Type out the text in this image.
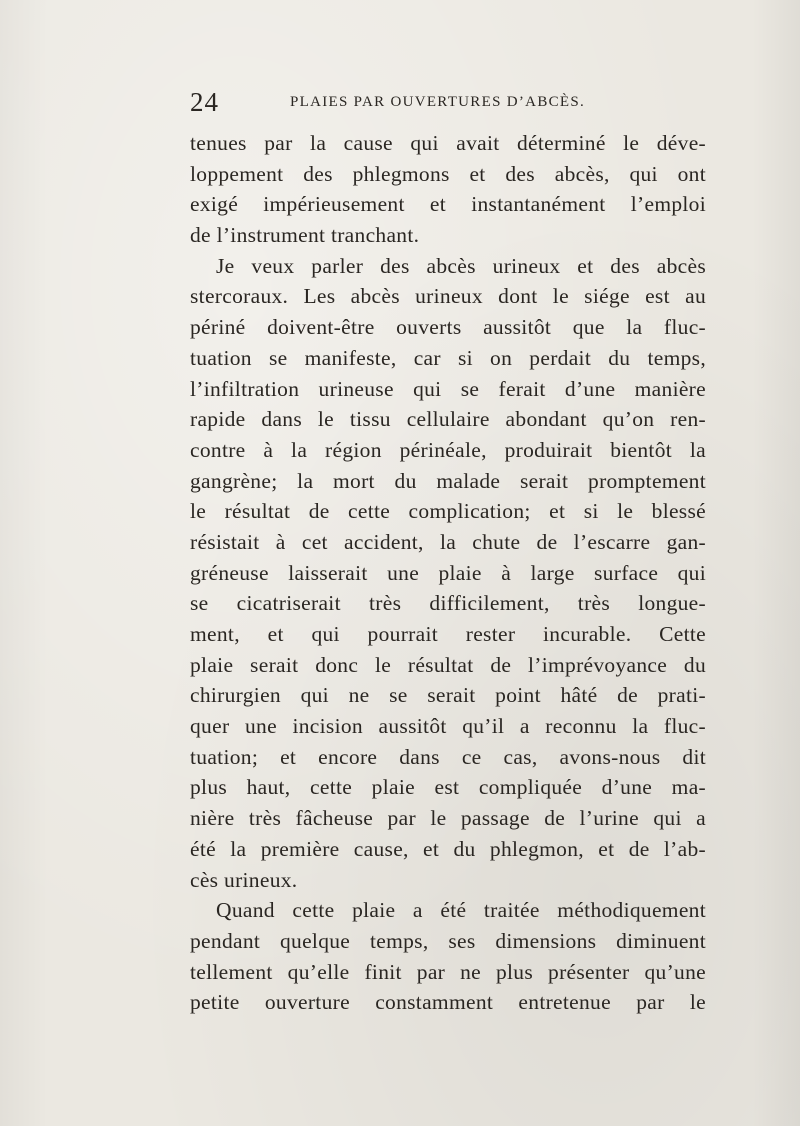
24	PLAIES PAR OUVERTURES D’ABCÈS.
tenues par la cause qui avait déterminé le déve-
loppement des phlegmons et des abcès, qui ont
exigé impérieusement et instantanément l’emploi
de l’instrument tranchant.
Je veux parler des abcès urineux et des abcès
stercoraux. Les abcès urineux dont le siége est au
périné doivent-être ouverts aussitôt que la fluc-
tuation se manifeste, car si on perdait du temps,
l’infiltration urineuse qui se ferait d’une manière
rapide dans le tissu cellulaire abondant qu’on ren-
contre à la région périnéale, produirait bientôt la
gangrène; la mort du malade serait promptement
le résultat de cette complication; et si le blessé
résistait à cet accident, la chute de l’escarre gan-
gréneuse laisserait une plaie à large surface qui
se cicatriserait très difficilement, très longue-
ment, et qui pourrait rester incurable. Cette
plaie serait donc le résultat de l’imprévoyance du
chirurgien qui ne se serait point hâté de prati-
quer une incision aussitôt qu’il a reconnu la fluc-
tuation; et encore dans ce cas, avons-nous dit
plus haut, cette plaie est compliquée d’une ma-
nière très fâcheuse par le passage de l’urine qui a
été la première cause, et du phlegmon, et de l’ab-
cès urineux.
Quand cette plaie a été traitée méthodiquement
pendant quelque temps, ses dimensions diminuent
tellement qu’elle finit par ne plus présenter qu’une
petite ouverture constamment entretenue par le
